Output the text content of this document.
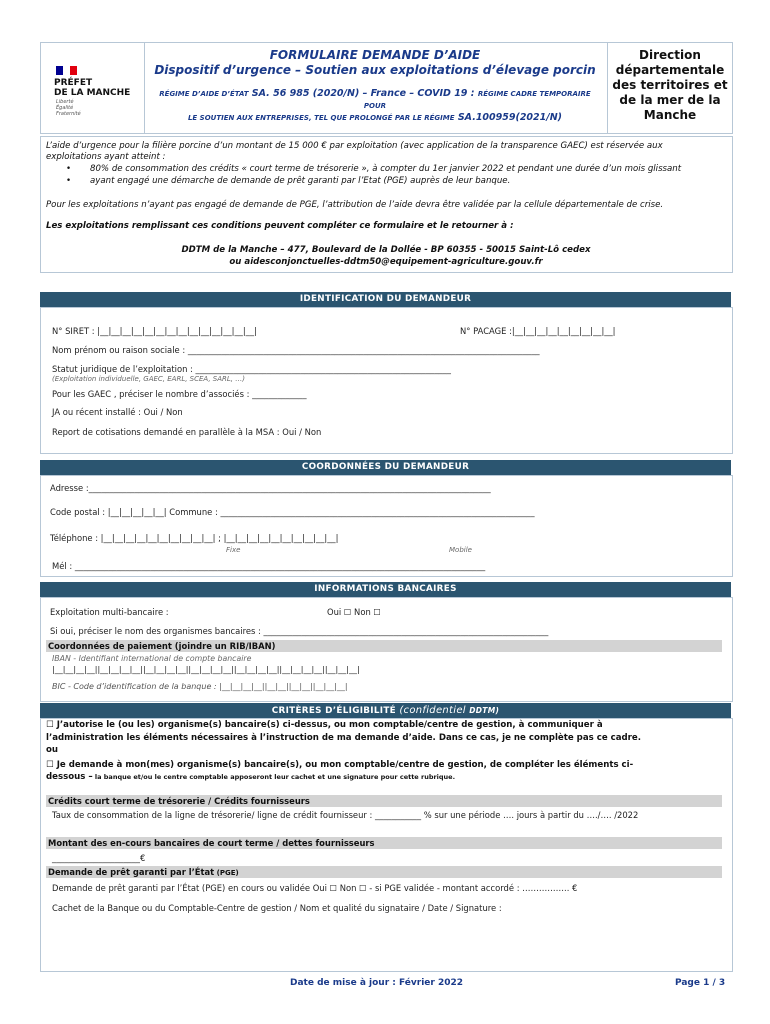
PRÉFET
DE LA MANCHE
Liberté
Égalité
Fraternité
FORMULAIRE DEMANDE D’AIDE
Dispositif d’urgence – Soutien aux exploitations d’élevage porcin
RÉGIME D’AIDE D’ÉTAT SA. 56 985 (2020/N) – France – COVID 19 : RÉGIME CADRE TEMPORAIRE POUR
LE SOUTIEN AUX ENTREPRISES, TEL QUE PROLONGÉ PAR LE RÉGIME SA.100959(2021/N)
Direction départementale des territoires et de la mer de la Manche
L’aide d’urgence pour la filière porcine d’un montant de 15 000 € par exploitation (avec application de la transparence GAEC) est réservée aux
exploitations ayant atteint :
• 80% de consommation des crédits « court terme de trésorerie », à compter du 1er janvier 2022 et pendant une durée d’un mois glissant
• ayant engagé une démarche de demande de prêt garanti par l’Etat (PGE) auprès de leur banque.
Pour les exploitations n’ayant pas engagé de demande de PGE, l’attribution de l’aide devra être validée par la cellule départementale de crise.
Les exploitations remplissant ces conditions peuvent compléter ce formulaire et le retourner à :
DDTM de la Manche – 477, Boulevard de la Dollée - BP 60355 - 50015 Saint-Lô cedex
ou aidesconjonctuelles-ddtm50@equipement-agriculture.gouv.fr
IDENTIFICATION DU DEMANDEUR
N° SIRET : |__|__|__|__|__|__|__|__|__|__|__|__|__|__|	N° PACAGE :|__|__|__|__|__|__|__|__|__|
Nom prénom ou raison sociale : ____________________________________________________________________________________
Statut juridique de l’exploitation : _____________________________________________________________
(Exploitation individuelle, GAEC, EARL, SCEA, SARL, …)
Pour les GAEC , préciser le nombre d’associés : _____________
JA ou récent installé : Oui / Non
Report de cotisations demandé en parallèle à la MSA : Oui / Non
COORDONNÉES DU DEMANDEUR
Adresse :________________________________________________________________________________________________
Code postal : |__|__|__|__|__| Commune : ___________________________________________________________________________
Téléphone : |__|__|__|__|__|__|__|__|__|__| ; |__|__|__|__|__|__|__|__|__|__|
Fixe	Mobile
Mél : __________________________________________________________________________________________________
INFORMATIONS BANCAIRES
Exploitation multi-bancaire :	Oui ☐ Non ☐
Si oui, préciser le nom des organismes bancaires : ____________________________________________________________________
Coordonnées de paiement (joindre un RIB/IBAN)
IBAN - Identifiant international de compte bancaire
|__|__|__|__||__|__|__|__||__|__|__|__||__|__|__|__||__|__|__|__||__|__|__|__||__|__|__|
BIC - Code d’identification de la banque : |__|__|__|__||__|__||__|__||__|__|__|
CRITÈRES D’ÉLIGIBILITÉ (confidentiel DDTM)
☐ J’autorise le (ou les) organisme(s) bancaire(s) ci-dessus, ou mon comptable/centre de gestion, à communiquer à
l’administration les éléments nécessaires à l’instruction de ma demande d’aide. Dans ce cas, je ne complète pas ce cadre.
ou
☐ Je demande à mon(mes) organisme(s) bancaire(s), ou mon comptable/centre de gestion, de compléter les éléments ci-
dessous – la banque et/ou le centre comptable apposeront leur cachet et une signature pour cette rubrique.
Crédits court terme de trésorerie / Crédits fournisseurs
Taux de consommation de la ligne de trésorerie/ ligne de crédit fournisseur : ___________ % sur une période …. jours à partir du …./…. /2022
Montant des en-cours bancaires de court terme / dettes fournisseurs
_____________________€
Demande de prêt garanti par l’État (PGE)
Demande de prêt garanti par l’État (PGE) en cours ou validée Oui ☐ Non ☐ - si PGE validée - montant accordé : …………….. €
Cachet de la Banque ou du Comptable-Centre de gestion / Nom et qualité du signataire / Date / Signature :
Date de mise à jour : Février 2022	Page 1 / 3
